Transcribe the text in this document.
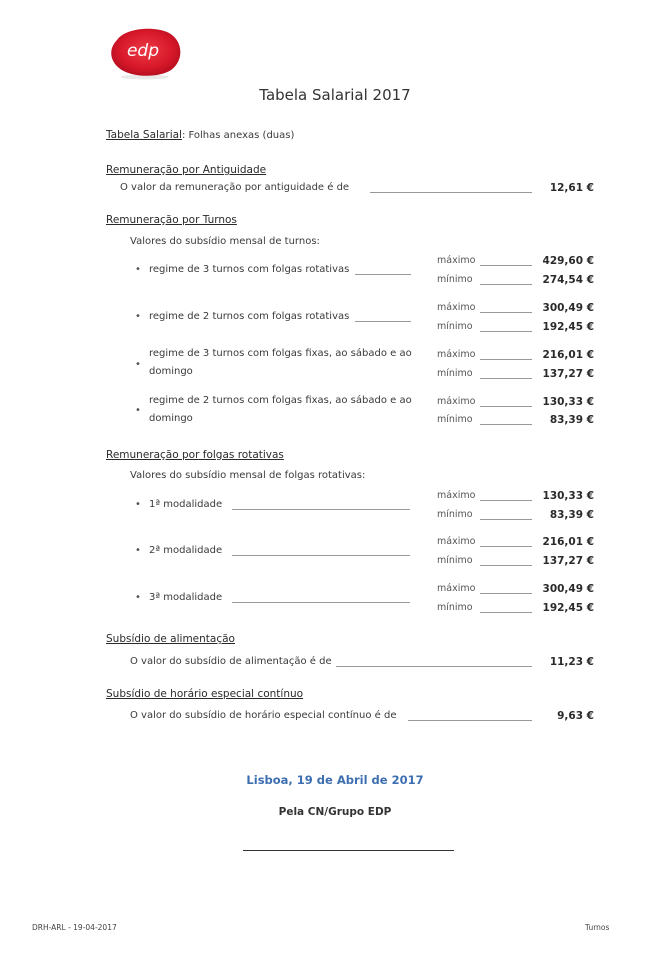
edp
Tabela Salarial 2017
Tabela Salarial: Folhas anexas (duas)
Remuneração por Antiguidade
O valor da remuneração por antiguidade é de	12,61 €
Remuneração por Turnos
Valores do subsídio mensal de turnos:
• regime de 3 turnos com folgas rotativas
máximo	429,60 €
mínimo	274,54 €
• regime de 2 turnos com folgas rotativas
máximo	300,49 €
mínimo	192,45 €
•
regime de 3 turnos com folgas fixas, ao sábado e ao
domingo
máximo	216,01 €
mínimo	137,27 €
•
regime de 2 turnos com folgas fixas, ao sábado e ao
domingo
máximo	130,33 €
mínimo	83,39 €
Remuneração por folgas rotativas
Valores do subsídio mensal de folgas rotativas:
• 1ª modalidade
máximo	130,33 €
mínimo	83,39 €
• 2ª modalidade
máximo	216,01 €
mínimo	137,27 €
• 3ª modalidade
máximo	300,49 €
mínimo	192,45 €
Subsídio de alimentação
O valor do subsídio de alimentação é de	11,23 €
Subsídio de horário especial contínuo
O valor do subsídio de horário especial contínuo é de	9,63 €
Lisboa, 19 de Abril de 2017
Pela CN/Grupo EDP
DRH-ARL - 19-04-2017	Turnos
